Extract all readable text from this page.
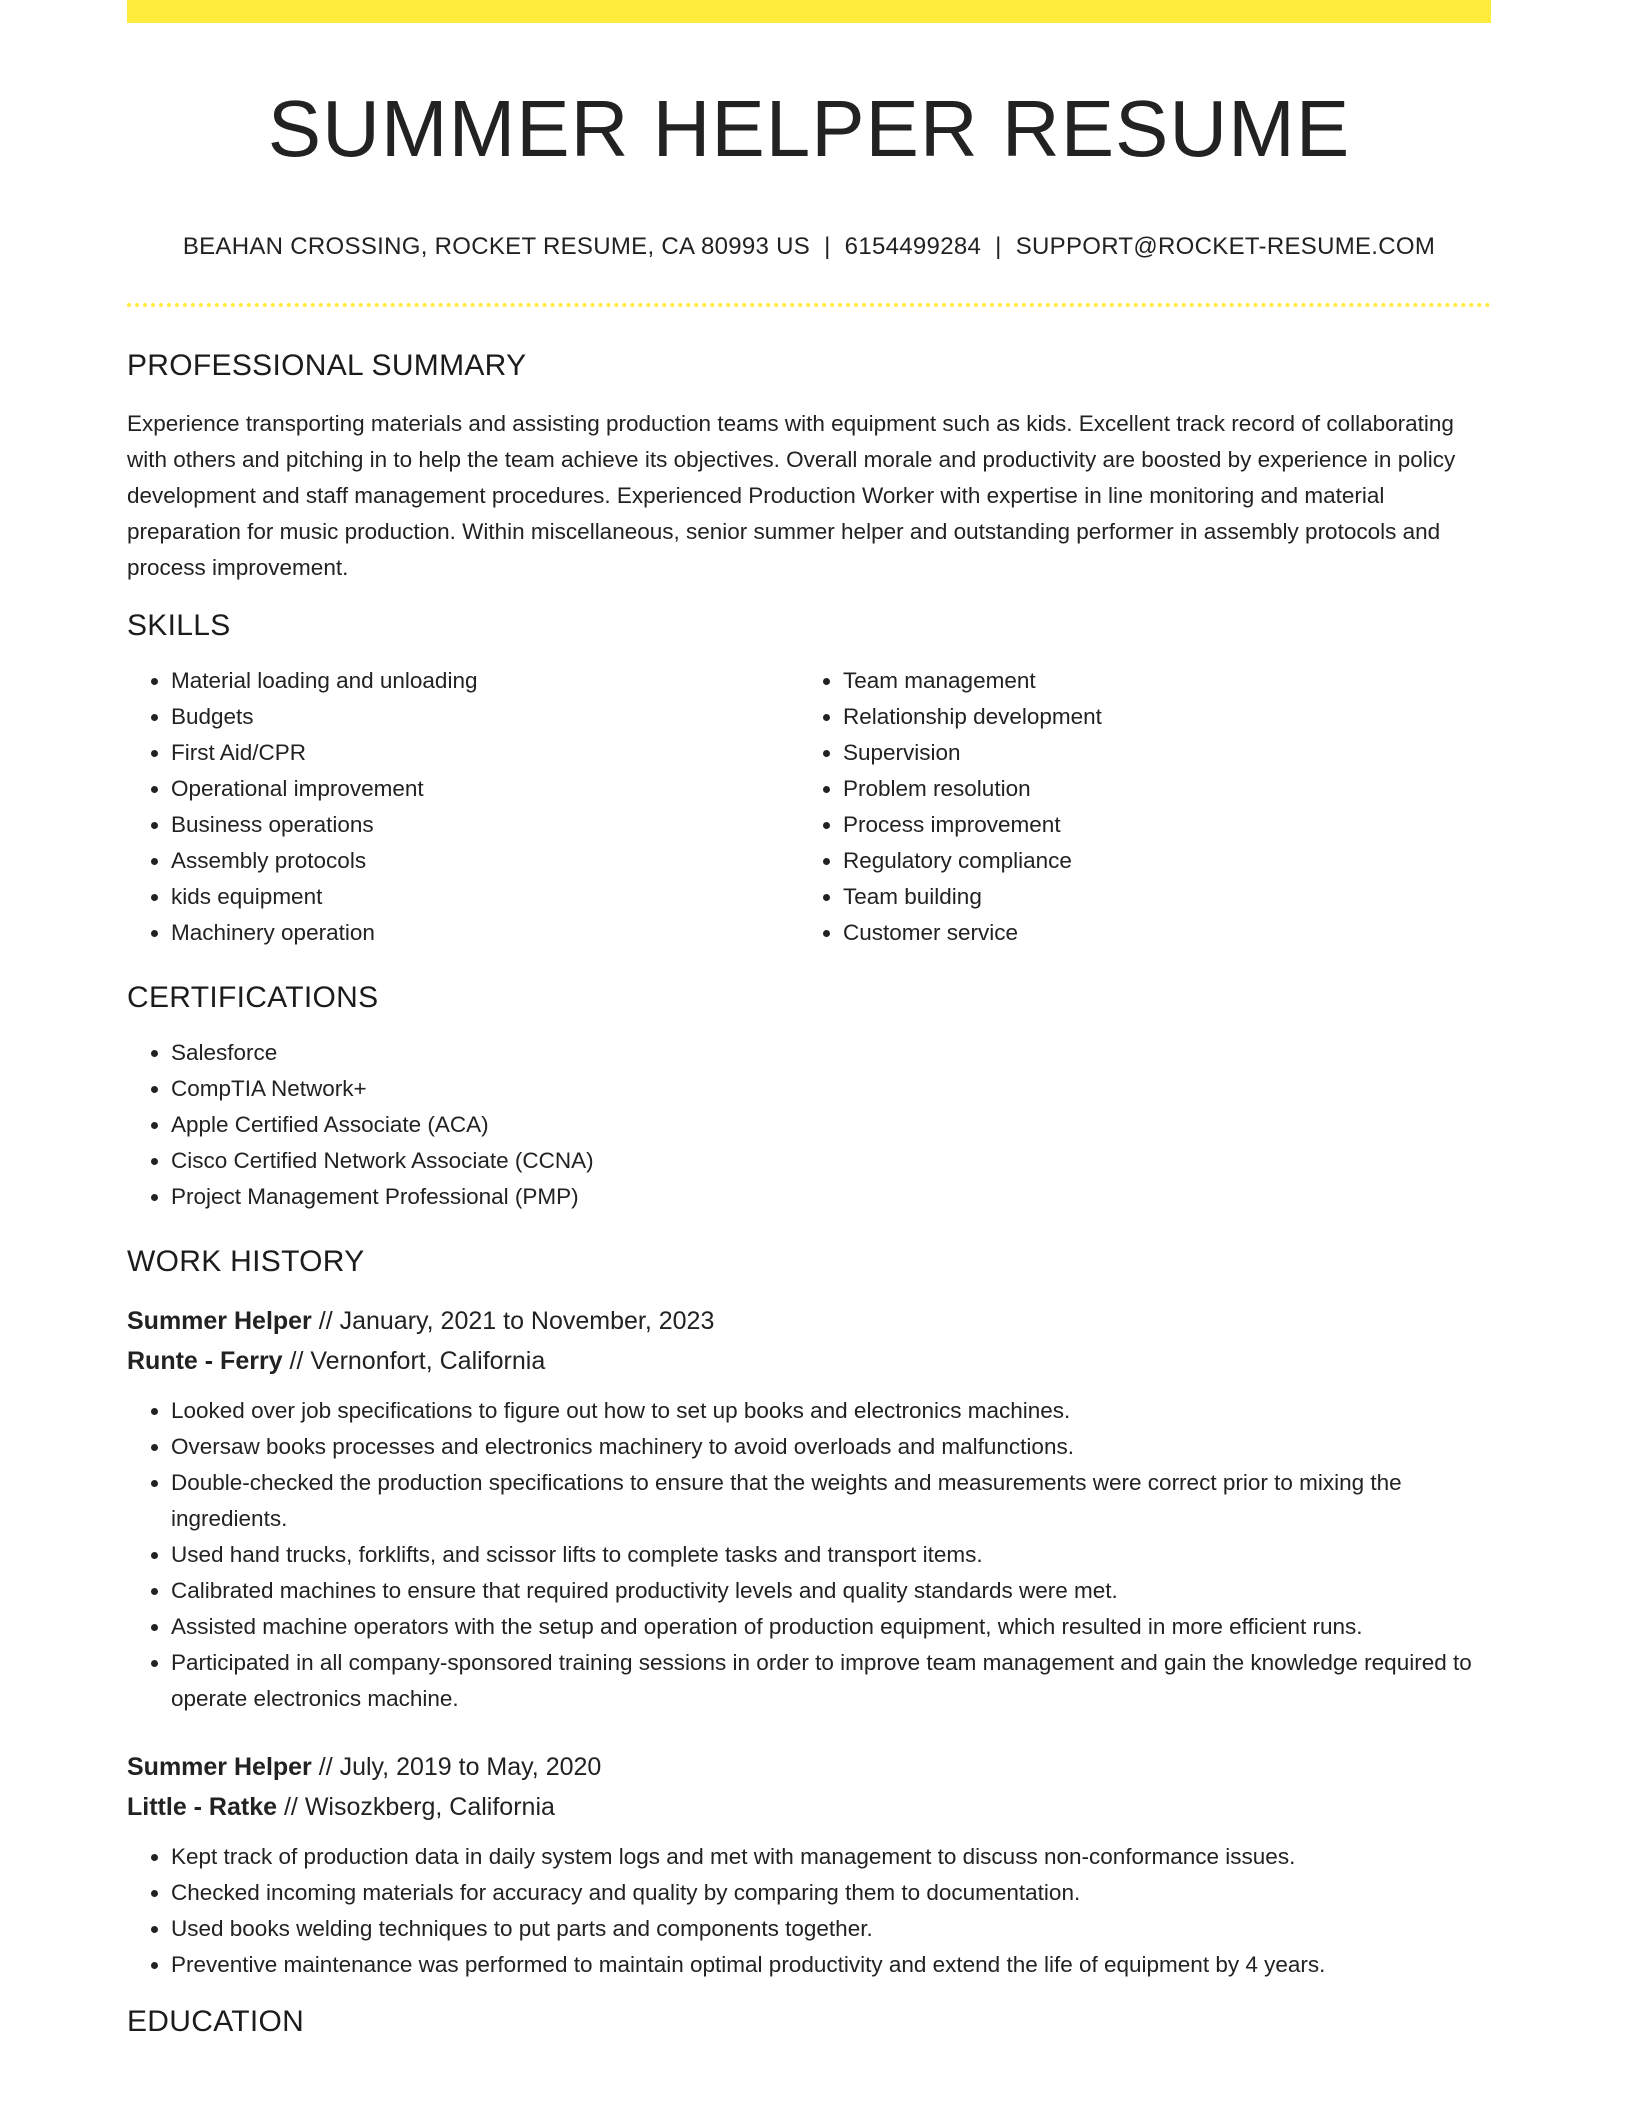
SUMMER HELPER RESUME
BEAHAN CROSSING, ROCKET RESUME, CA 80993 US | 6154499284 | SUPPORT@ROCKET-RESUME.COM
PROFESSIONAL SUMMARY

Experience transporting materials and assisting production teams with equipment such as kids. Excellent track record of collaborating with others and pitching in to help the team achieve its objectives. Overall morale and productivity are boosted by experience in policy development and staff management procedures. Experienced Production Worker with expertise in line monitoring and material preparation for music production. Within miscellaneous, senior summer helper and outstanding performer in assembly protocols and process improvement.

SKILLS
• Material loading and unloading
• Budgets
• First Aid/CPR
• Operational improvement
• Business operations
• Assembly protocols
• kids equipment
• Machinery operation
• Team management
• Relationship development
• Supervision
• Problem resolution
• Process improvement
• Regulatory compliance
• Team building
• Customer service
CERTIFICATIONS
• Salesforce
• CompTIA Network+
• Apple Certified Associate (ACA)
• Cisco Certified Network Associate (CCNA)
• Project Management Professional (PMP)
WORK HISTORY
Summer Helper // January, 2021 to November, 2023
Runte - Ferry // Vernonfort, California
• Looked over job specifications to figure out how to set up books and electronics machines.
• Oversaw books processes and electronics machinery to avoid overloads and malfunctions.
• Double-checked the production specifications to ensure that the weights and measurements were correct prior to mixing the ingredients.
• Used hand trucks, forklifts, and scissor lifts to complete tasks and transport items.
• Calibrated machines to ensure that required productivity levels and quality standards were met.
• Assisted machine operators with the setup and operation of production equipment, which resulted in more efficient runs.
• Participated in all company-sponsored training sessions in order to improve team management and gain the knowledge required to operate electronics machine.
Summer Helper // July, 2019 to May, 2020
Little - Ratke // Wisozkberg, California
• Kept track of production data in daily system logs and met with management to discuss non-conformance issues.
• Checked incoming materials for accuracy and quality by comparing them to documentation.
• Used books welding techniques to put parts and components together.
• Preventive maintenance was performed to maintain optimal productivity and extend the life of equipment by 4 years.
EDUCATION
